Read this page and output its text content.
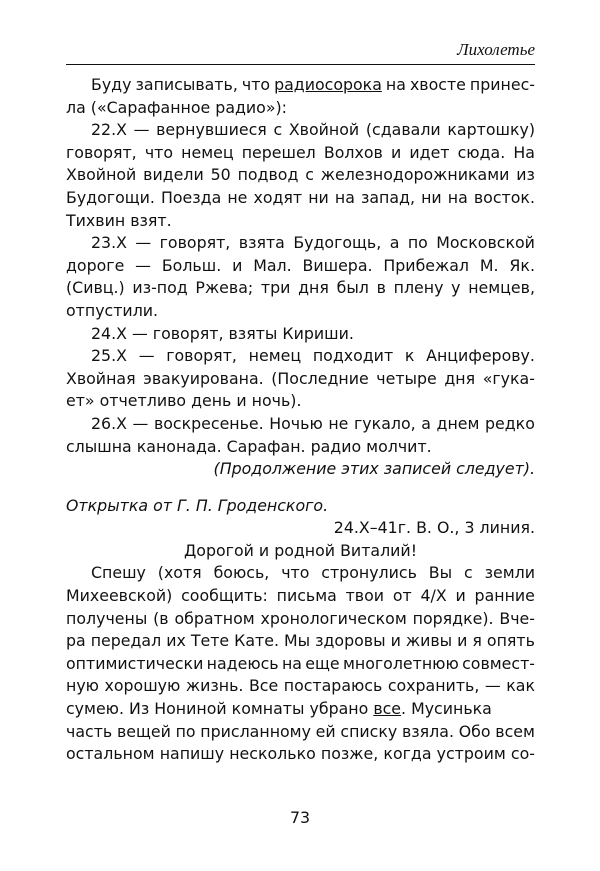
Лихолетье
Буду записывать, что радиосорока на хвосте принес-
ла («Сарафанное радио»):
22.X — вернувшиеся с Хвойной (сдавали картошку)
говорят, что немец перешел Волхов и идет сюда. На
Хвойной видели 50 подвод с железнодорожниками из
Будогощи. Поезда не ходят ни на запад, ни на восток.
Тихвин взят.
23.X — говорят, взята Будогощь, а по Московской
дороге — Больш. и Мал. Вишера. Прибежал М. Як.
(Сивц.) из-под Ржева; три дня был в плену у немцев,
отпустили.
24.X — говорят, взяты Кириши.
25.X — говорят, немец подходит к Анциферову.
Хвойная эвакуирована. (Последние четыре дня «гука-
ет» отчетливо день и ночь).
26.X — воскресенье. Ночью не гукало, а днем редко
слышна канонада. Сарафан. радио молчит.
(Продолжение этих записей следует).
Открытка от Г. П. Гроденского.
24.X–41г. В. О., 3 линия.
Дорогой и родной Виталий!
Спешу (хотя боюсь, что стронулись Вы с земли
Михеевской) сообщить: письма твои от 4/X и ранние
получены (в обратном хронологическом порядке). Вче-
ра передал их Тете Кате. Мы здоровы и живы и я опять
оптимистически надеюсь на еще многолетнюю совмест-
ную хорошую жизнь. Все постараюсь сохранить, — как
сумею. Из Нониной комнаты убрано все. Мусинька
часть вещей по присланному ей списку взяла. Обо всем
остальном напишу несколько позже, когда устроим со-
73
